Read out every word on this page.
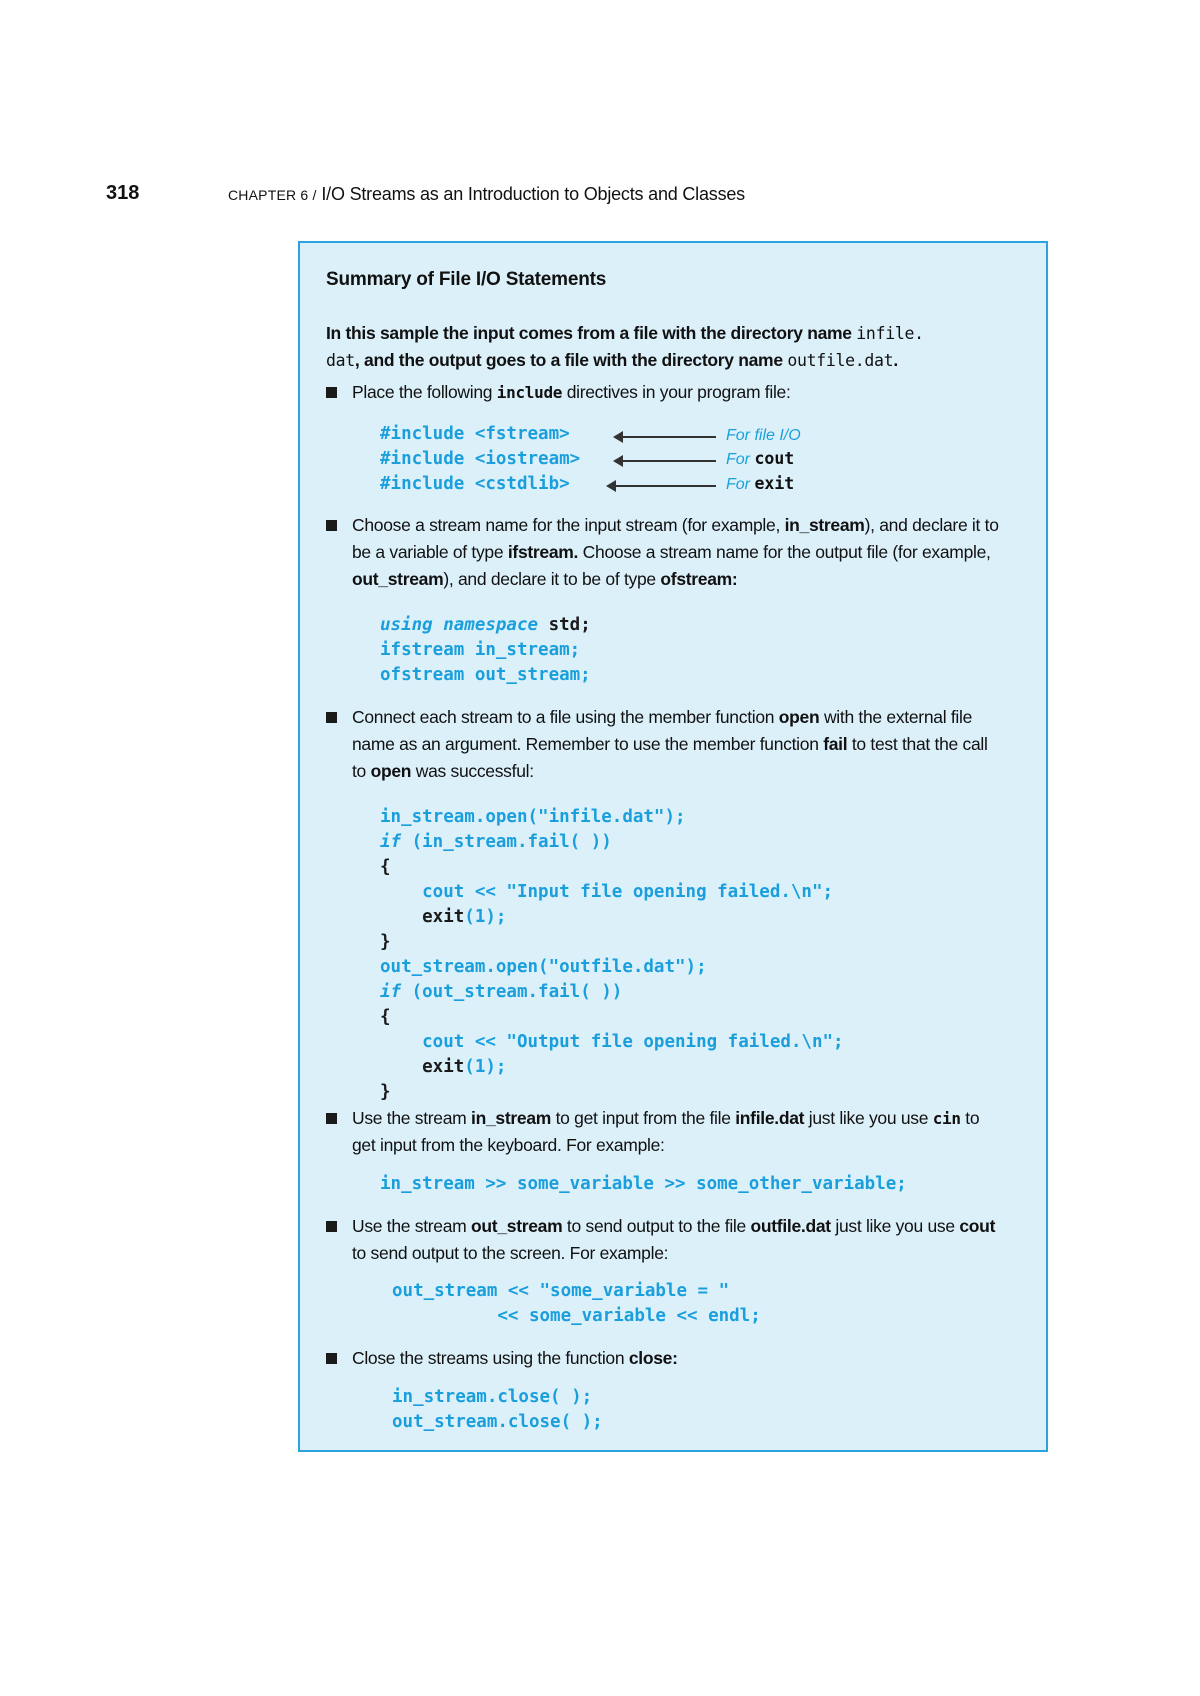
318	CHAPTER 6 / I/O Streams as an Introduction to Objects and Classes
Summary of File I/O Statements
In this sample the input comes from a file with the directory name infile.
dat, and the output goes to a file with the directory name outfile.dat.
Place the following include directives in your program file:
#include <fstream>
#include <iostream>
#include <cstdlib>
For file I/O
For cout
For exit
Choose a stream name for the input stream (for example, in_stream), and declare it to be a variable of type ifstream. Choose a stream name for the output file (for example, out_stream), and declare it to be of type ofstream:
using namespace std;
ifstream in_stream;
ofstream out_stream;
Connect each stream to a file using the member function open with the external file name as an argument. Remember to use the member function fail to test that the call to open was successful:
in_stream.open("infile.dat");
if (in_stream.fail( ))
{
cout << "Input file opening failed.\n";
exit(1);
}
out_stream.open("outfile.dat");
if (out_stream.fail( ))
{
cout << "Output file opening failed.\n";
exit(1);
}
Use the stream in_stream to get input from the file infile.dat just like you use cin to get input from the keyboard. For example:
in_stream >> some_variable >> some_other_variable;
Use the stream out_stream to send output to the file outfile.dat just like you use cout to send output to the screen. For example:
out_stream << "some_variable = "
<< some_variable << endl;
Close the streams using the function close:
in_stream.close( );
out_stream.close( );
